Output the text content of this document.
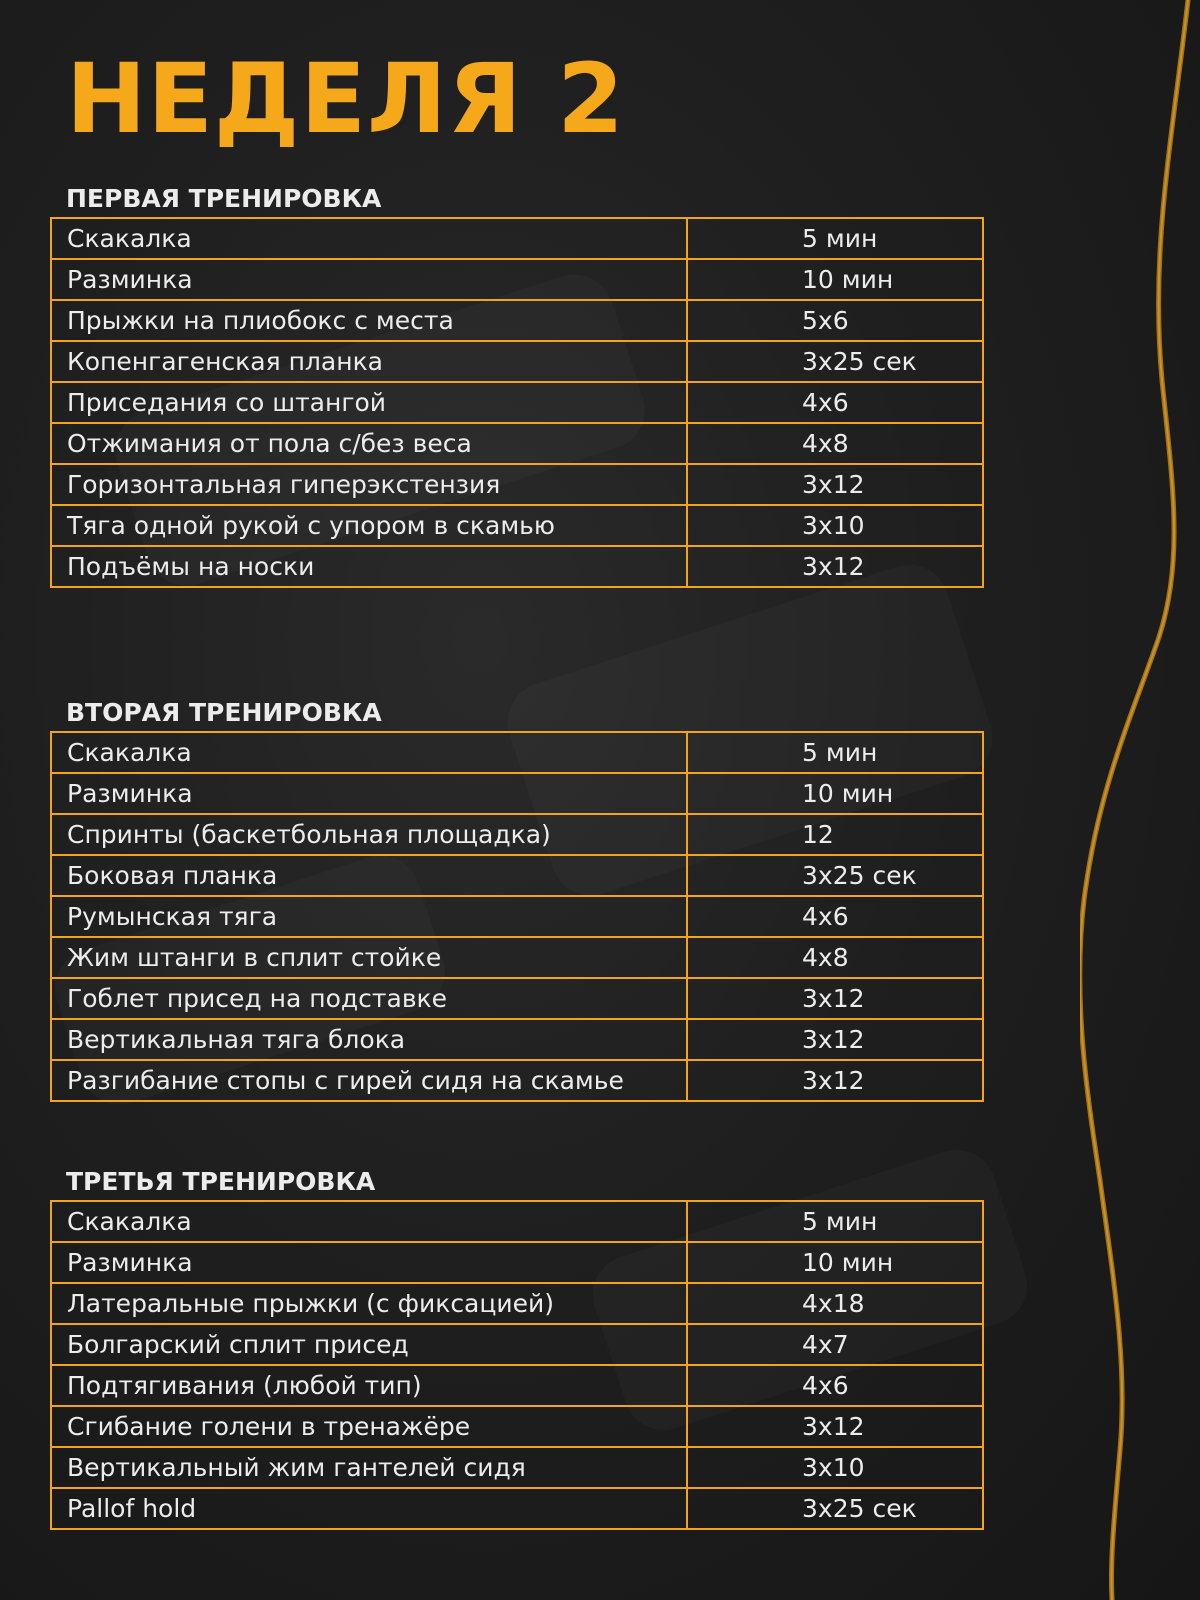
НЕДЕЛЯ 2
ПЕРВАЯ ТРЕНИРОВКА
Скакалка	5 мин
Разминка	10 мин
Прыжки на плиобокс с места	5х6
Копенгагенская планка	3х25 сек
Приседания со штангой	4х6
Отжимания от пола с/без веса	4х8
Горизонтальная гиперэкстензия	3х12
Тяга одной рукой с упором в скамью	3х10
Подъёмы на носки	3х12
ВТОРАЯ ТРЕНИРОВКА
Скакалка	5 мин
Разминка	10 мин
Спринты (баскетбольная площадка)	12
Боковая планка	3х25 сек
Румынская тяга	4х6
Жим штанги в сплит стойке	4х8
Гоблет присед на подставке	3х12
Вертикальная тяга блока	3х12
Разгибание стопы с гирей сидя на скамье	3х12
ТРЕТЬЯ ТРЕНИРОВКА
Скакалка	5 мин
Разминка	10 мин
Латеральные прыжки (с фиксацией)	4х18
Болгарский сплит присед	4х7
Подтягивания (любой тип)	4х6
Сгибание голени в тренажёре	3х12
Вертикальный жим гантелей сидя	3х10
Pallof hold	3х25 сек
